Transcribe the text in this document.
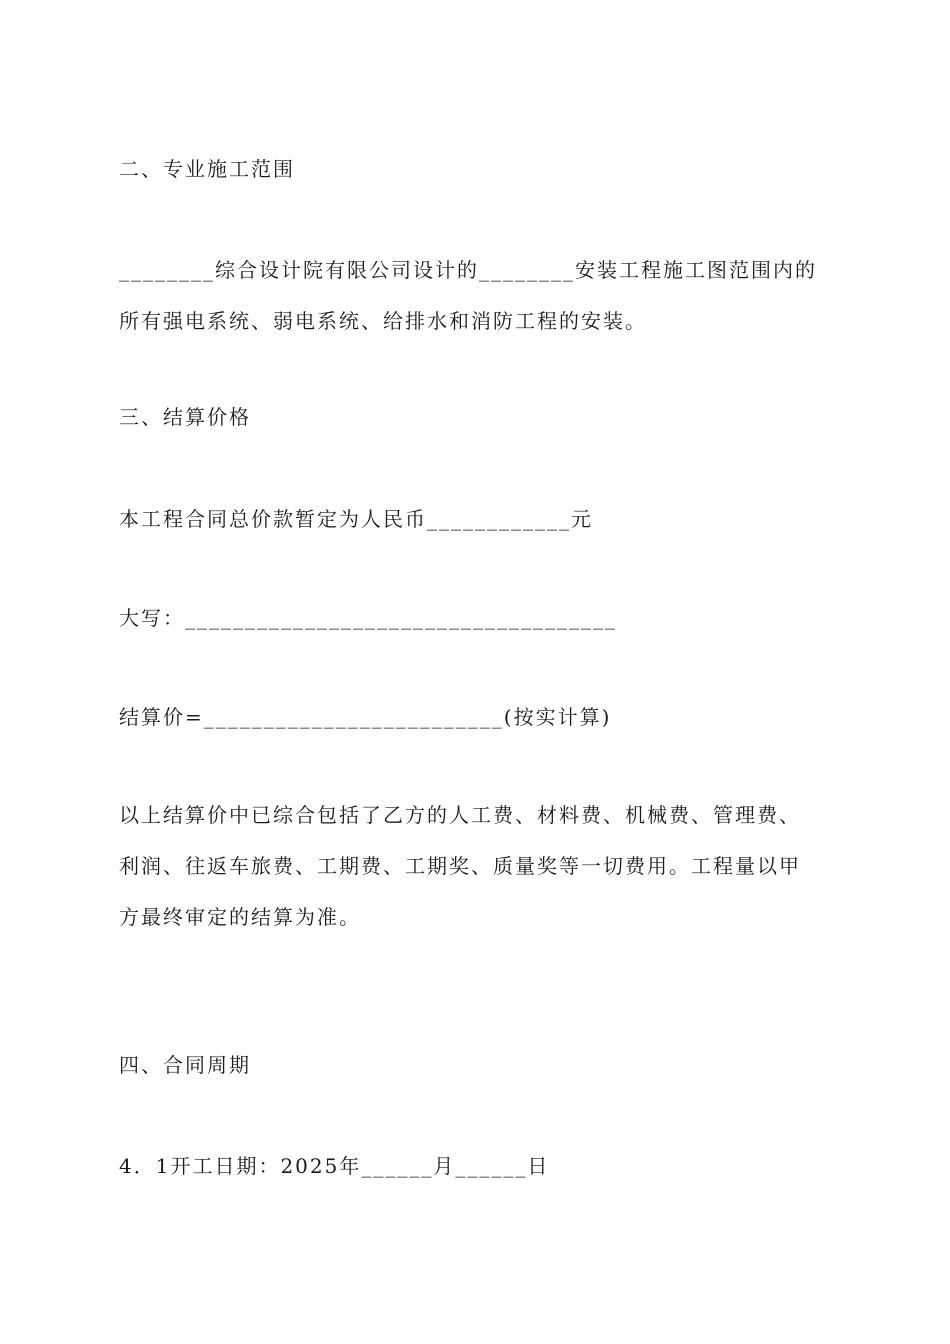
二、专业施工范围
________综合设计院有限公司设计的________安装工程施工图范围内的
所有强电系统、弱电系统、给排水和消防工程的安装。
三、结算价格
本工程合同总价款暂定为人民币____________元
大写：____________________________________
结算价=_________________________(按实计算)
以上结算价中已综合包括了乙方的人工费、材料费、机械费、管理费、
利润、往返车旅费、工期费、工期奖、质量奖等一切费用。工程量以甲
方最终审定的结算为准。
四、合同周期
4．1开工日期：2025年______月______日
